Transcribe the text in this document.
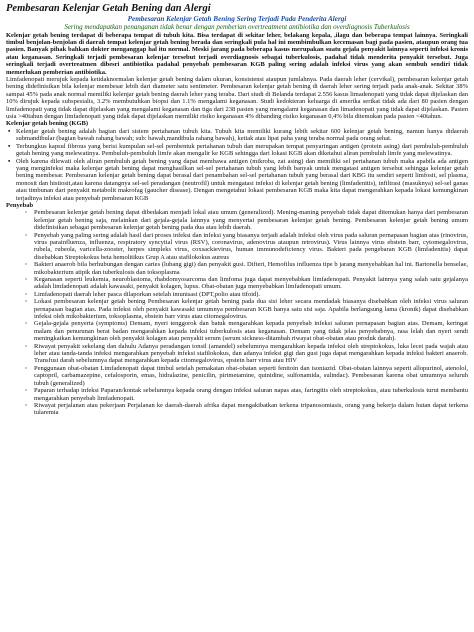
Pembesaran Kelenjar Getah Bening dan Alergi
Pembesaran Kelenjar Getah Bening Sering Terjadi Pada Penderita Alergi
Sering mendapatkan penanganan tidak benar dengan pemberian overtreatment antibiotika dan overdiagnosis Tuberkulosis

Kelenjar getah bening terdapat di beberapa tempat di tubuh kita. Bisa terdapat di sekitar leher, belakang kepala, ,ilagu dan beberapa tempat lainnya. Seringkali timbul benjolan-benjolan di daerah tempat kelenjar getah bening berada dan seringkali pula hal ini membimbulkan kecemasan bagi pada pasien, ataupun orang tua pasien. Banyak pihak bahkan dokter menganggap hal itu normal. Meski jarang pada beberapa kasus merupakan suatu gejala penyakit lainnya seperti infeksi kronis atau keganasan. Seringkali terjadi pembesaran kelenjar tersebut terjadi overdiagnosis sebagai tuberkulosis, padahal tidak menderita penyakit tersebut. Juga seringkali terjadi overtreatmen dibesri antibiotika padahal penyebab pembesaran KGB paling sering adalah infeksi virus yang akan sembuh sendiri tidak memerlukan pemberian antibiotika.

Limfadenopati merujuk kepada ketidaknormalan kelenjar getah bening dalam ukuran, konsistensi ataupun jumlahnya. Pada daerah leher (cervikal), pembesaran kelenjar getah bening didefinisikan bila kelenjar membesar lebih dari diameter satu sentimeter. Pembesaran kelenjar getah bening di daerah leher sering terjadi pada anak-anak. Sekitar 38% sampai 45% pada anak normal memiliki kelenjar getah bening daerah leher yang teraba. Dari studi di Belanda terdapat 2.556 kasus limadenopati yang tidak dapat dijelaskan dan 10% dirujuk kepada subspesialis, 3.2% membutuhkan biopsi dan 1.1% mengalami keganasan. Studi kedokteran keluarga di amerika serikat tidak ada dari 80 pasien dengan limfadenopati yang tidak dapat dijelaskan yang mengalami keganasan dan tiga dari 238 pasien yang mengalami keganasan dan limadenopati yang tidak dapat dijelaskan. Pasien usia >40tahun dengan limfadenopati yang tidak dapat dijelaskan memiliki risiko keganasan 4% dibanding risiko keganasan 0,4% bila ditemukan pada pasien <40tahun.

Kelenjar getah bening (KGB)
▪ Kelenjar getah bening adalah bagian dari sistem pertahanan tubuh kita. Tubuh kita memiliki kurang lebih sekitar 600 kelenjar getah bening, namun hanya didaerah submandibular (bagian bawah rahang bawah; sub: bawah,mandibula rahang bawah), ketiak atau lipat paha yang teraba normal pada orang sehat.
▪ Terbungkus kapsul fibrous yang berisi kumpulan sel-sel pembentuk pertahanan tubuh dan merupakan tempat penyaringan antigen (protein asing) dari pembuluh-pembuluh getah bening yang melewatinya. Pembuluh-pembuluh limfe akan mengalir ke KGB sehingga dari lokasi KGB akan diketahui aliran pembuluh limfe yang melewatinya.
▪ Oleh karena dilewati oleh aliran pembuluh getah bening yang dapat membawa antigen (mikroba, zat asing) dan memiliki sel pertahanan tubuh maka apabila ada antigen yang menginfeksi maka kelenjar getah bening dapat menghasilkan sel-sel pertahanan tubuh yang lebih banyak untuk mengatasi antigen tersebut sehingga kelenjar getah bening membesar. Pembesaran kelenjar getah bening dapat berasal dari penambahan sel-sel pertahanan tubuh yang berasal dari KBG itu sendiri seperti limfosit, sel plasma, monosit dan histiosit,atau karena datangnya sel-sel peradangan (neutrofil) untuk mengatasi infeksi di kelenjar getah bening (limfadenitis), infiltrasi (masuknya) sel-sel ganas atau timbunan dari penyakit metabolit makrofag (gaucher disease). Dengan mengetahui lokasi pembesaran KGB maka kita dapat mengerahkan kepada lokasi kemungkinan terjadinya infeksi atau penyebab pembesaran KGB
Penyebab
◦ Pembesaran kelenjar getah bening dapat dibedakan menjadi lokal atau umum (generalized). Mening-maning penyebab tidak dapat ditemukan hanya dari pembesaran kelenjar getah bening saja, melainkan dari gejala-gejala lainnya yang menyertai pembesaran kelenjar getah bening. Pembesaran kelenjar getah bening umum didefinisikan sebagai pembesaran kelenjar getah bening pada dua atau lebih daerah.
◦ Penyebab yang paling sering adalah hasil dari proses infeksi dan infeksi yang biasanya terjadi adalah infeksi oleh virus pada saluran pernapasan bagian atas (rinovirus, virus parainfluenza, influenza, respiratory syncytial virus (RSV), coronavirus, adenovirus ataupun retrovirus). Virus lainnya virus ebstein barr, cytomegalovirus, rubela, rubeola, varicella-zooster, herpes simpleks virus, coxsackievirus, human immunodeficiency virus. Bakteri pada pengebaran KGB (limfadenitis) dapat disebabkan Streptokokus beta hemolitikus Grup A atau stafilokokus aureus
◦ Bakteri anaerob bila berhubungan dengan caries (lubang gigi) dan penyakit gusi. Difteri, Hemofilus influenza tipe b jarang menyebabkan hal ini. Bartonella henselae, mikobakterium atipik dan tuberkulosis dan toksoplasma
◦ Keganasan seperti leukemia, neuroblastoma, rhabdomyosarcoma dan limfoma juga dapat menyebabkan limfadenopati. Penyakit lainnya yang salah satu gejalanya adalah limfadenopati adalah kawasaki, penyakit kolagen, lupus. Obat-obatan juga menyebabkan limfadenopati umum.
◦ Limfadenopati daerah leher pasca dilaporkan setelah imunisasi (DPT,polio atau tifoid).
◦ Lokasi pembesaran kelenjar getah bening Pembesaran kelenjar getah bening pada dua sisi leher secara mendadak biasanya disebabkan oleh infeksi virus saluran pernapasan bagian atas. Pada infeksi oleh penyakit kawasaki umumnya pembesaran KGB hanya satu sisi saja. Apabila berlangsung lama (kronik) dapat disebabkan infeksi oleh mikobakterium, toksoplasma, ebstein barr virus atau citomegalovirus.
◦ Gejala-gejala penyerta (symptoms) Demam, nyeri tenggorok dan batuk mengarahkan kepada penyebab infeksi saluran pernapasan bagian atas. Demam, keringat malam dan penurunan berat badan mengarahkan kepada infeksi tuberkulosis atau keganasan. Demam yang tidak jelas penyebabnya, rasa lelah dan nyeri sendi meningkatkan kemungkinan oleh penyakit kolagen atau penyakit serum (serum sickness-ditambah riwayat obat-obatan atau produk darah).
◦ Riwayat penyakit sekelang dan dahulu Adanya peradangan tonsil (amandel) sebelumnya mengarahkan kepada infeksi oleh streptokokus, luka lecet pada wajah atau leher atau tanda-tanda infeksi mengarahkan penyebab infeksi stafilokokus, dan adanya infeksi gigi dan gusi juga dapat mengarahkan kepada infeksi bakteri anaerob. Transfusi darah sebelumnya dapat mengarahkan kepada citomegalovirus, epstein barr virus atau HIV
◦ Penggunaan obat-obatan Limfadenopati dapat timbul setelah pemakaian obat-obatan seperti fenitoin dan isoniazid. Obat-obatan lainnya seperti allopurinol, atenolol, captopril, carbamazepine, cefalosporin, emas, hidralazine, penicilin, pirimetamine, quinidine, sulfonamida, sulindac). Pembesaran karena obat umumnya seluruh tubuh (generalized)
◦ Paparan terhadap infeksi Paparan/kontak sebelumnya kepada orang dengan infeksi saluran napas atas, faringitis oleh streptokokus, atau tuberkulosis turut membantu mengarahkan penyebab limfadenopati.
◦ Riwayat perjalanan atau pekerjaan Perjalanan ke daerah-daerah afrika dapat mengakibatkan terkena tripanosomiasis, orang yang bekerja dalam hutan dapat terkena tularemia
